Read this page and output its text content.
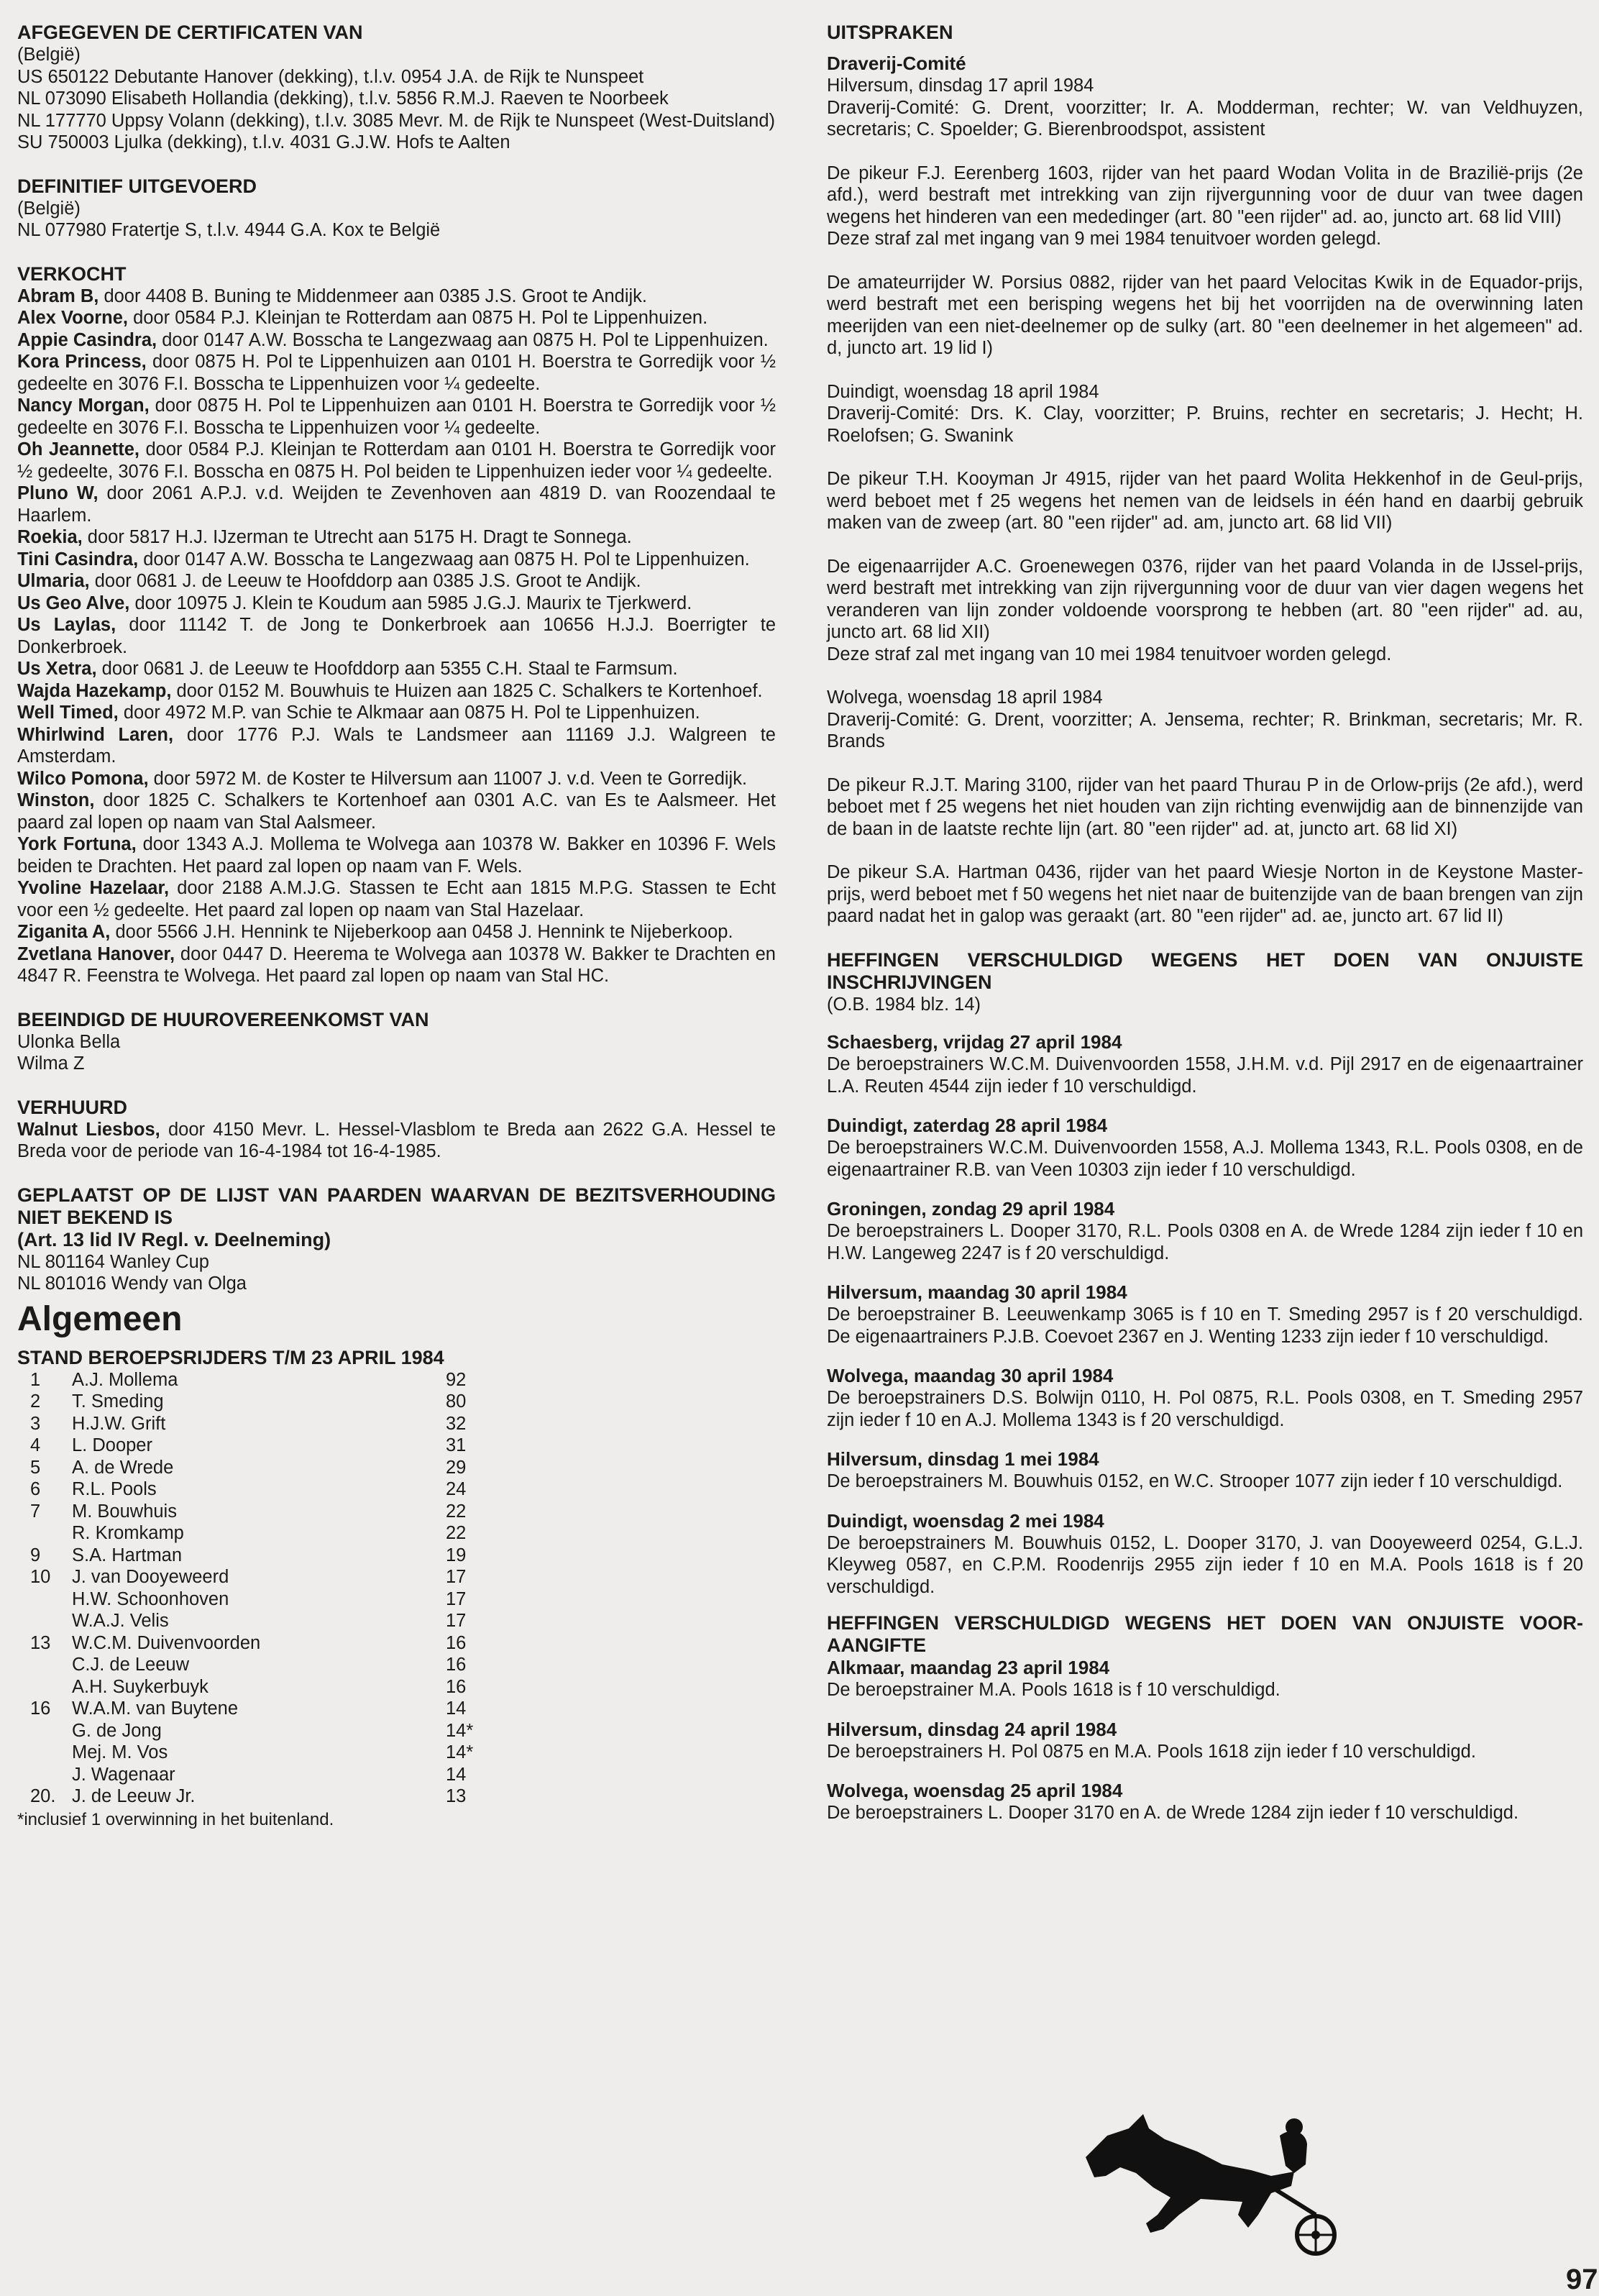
AFGEGEVEN DE CERTIFICATEN VAN
(België)
US 650122 Debutante Hanover (dekking), t.l.v. 0954 J.A. de Rijk te Nunspeet
NL 073090 Elisabeth Hollandia (dekking), t.l.v. 5856 R.M.J. Raeven te Noorbeek
NL 177770 Uppsy Volann (dekking), t.l.v. 3085 Mevr. M. de Rijk te Nunspeet (West-Duitsland)
SU 750003 Ljulka (dekking), t.l.v. 4031 G.J.W. Hofs te Aalten
DEFINITIEF UITGEVOERD
(België)
NL 077980 Fratertje S, t.l.v. 4944 G.A. Kox te België
VERKOCHT
Abram B, door 4408 B. Buning te Middenmeer aan 0385 J.S. Groot te Andijk.
Alex Voorne, door 0584 P.J. Kleinjan te Rotterdam aan 0875 H. Pol te Lippenhuizen.
Appie Casindra, door 0147 A.W. Bosscha te Langezwaag aan 0875 H. Pol te Lippenhuizen.
Kora Princess, door 0875 H. Pol te Lippenhuizen aan 0101 H. Boerstra te Gorredijk voor ½ gedeelte en 3076 F.I. Bosscha te Lippenhuizen voor ¼ gedeelte.
Nancy Morgan, door 0875 H. Pol te Lippenhuizen aan 0101 H. Boerstra te Gorredijk voor ½ gedeelte en 3076 F.I. Bosscha te Lippenhuizen voor ¼ gedeelte.
Oh Jeannette, door 0584 P.J. Kleinjan te Rotterdam aan 0101 H. Boerstra te Gorredijk voor ½ gedeelte, 3076 F.I. Bosscha en 0875 H. Pol beiden te Lippenhuizen ieder voor ¼ gedeelte.
Pluno W, door 2061 A.P.J. v.d. Weijden te Zevenhoven aan 4819 D. van Roozendaal te Haarlem.
Roekia, door 5817 H.J. IJzerman te Utrecht aan 5175 H. Dragt te Sonnega.
Tini Casindra, door 0147 A.W. Bosscha te Langezwaag aan 0875 H. Pol te Lippenhuizen.
Ulmaria, door 0681 J. de Leeuw te Hoofddorp aan 0385 J.S. Groot te Andijk.
Us Geo Alve, door 10975 J. Klein te Koudum aan 5985 J.G.J. Maurix te Tjerkwerd.
Us Laylas, door 11142 T. de Jong te Donkerbroek aan 10656 H.J.J. Boerrigter te Donkerbroek.
Us Xetra, door 0681 J. de Leeuw te Hoofddorp aan 5355 C.H. Staal te Farmsum.
Wajda Hazekamp, door 0152 M. Bouwhuis te Huizen aan 1825 C. Schalkers te Kortenhoef.
Well Timed, door 4972 M.P. van Schie te Alkmaar aan 0875 H. Pol te Lippenhuizen.
Whirlwind Laren, door 1776 P.J. Wals te Landsmeer aan 11169 J.J. Walgreen te Amsterdam.
Wilco Pomona, door 5972 M. de Koster te Hilversum aan 11007 J. v.d. Veen te Gorredijk.
Winston, door 1825 C. Schalkers te Kortenhoef aan 0301 A.C. van Es te Aalsmeer. Het paard zal lopen op naam van Stal Aalsmeer.
York Fortuna, door 1343 A.J. Mollema te Wolvega aan 10378 W. Bakker en 10396 F. Wels beiden te Drachten. Het paard zal lopen op naam van F. Wels.
Yvoline Hazelaar, door 2188 A.M.J.G. Stassen te Echt aan 1815 M.P.G. Stassen te Echt voor een ½ gedeelte. Het paard zal lopen op naam van Stal Hazelaar.
Ziganita A, door 5566 J.H. Hennink te Nijeberkoop aan 0458 J. Hennink te Nijeberkoop.
Zvetlana Hanover, door 0447 D. Heerema te Wolvega aan 10378 W. Bakker te Drachten en 4847 R. Feenstra te Wolvega. Het paard zal lopen op naam van Stal HC.
BEEINDIGD DE HUUROVEREENKOMST VAN
Ulonka Bella
Wilma Z
VERHUURD
Walnut Liesbos, door 4150 Mevr. L. Hessel-Vlasblom te Breda aan 2622 G.A. Hessel te Breda voor de periode van 16-4-1984 tot 16-4-1985.
GEPLAATST OP DE LIJST VAN PAARDEN WAARVAN DE BEZITSVERHOUDING NIET BEKEND IS
(Art. 13 lid IV Regl. v. Deelneming)
NL 801164 Wanley Cup
NL 801016 Wendy van Olga
Algemeen
STAND BEROEPSRIJDERS T/M 23 APRIL 1984
1	A.J. Mollema	92
2	T. Smeding	80
3	H.J.W. Grift	32
4	L. Dooper	31
5	A. de Wrede	29
6	R.L. Pools	24
7	M. Bouwhuis	22
	R. Kromkamp	22
9	S.A. Hartman	19
10	J. van Dooyeweerd	17
	H.W. Schoonhoven	17
	W.A.J. Velis	17
13	W.C.M. Duivenvoorden	16
	C.J. de Leeuw	16
	A.H. Suykerbuyk	16
16	W.A.M. van Buytene	14
	G. de Jong	14*
	Mej. M. Vos	14*
	J. Wagenaar	14
20.	J. de Leeuw Jr.	13
*inclusief 1 overwinning in het buitenland.
UITSPRAKEN
Draverij-Comité
Hilversum, dinsdag 17 april 1984
Draverij-Comité: G. Drent, voorzitter; Ir. A. Modderman, rechter; W. van Veldhuyzen, secretaris; C. Spoelder; G. Bierenbroodspot, assistent
De pikeur F.J. Eerenberg 1603, rijder van het paard Wodan Volita in de Brazilië-prijs (2e afd.), werd bestraft met intrekking van zijn rijvergunning voor de duur van twee dagen wegens het hinderen van een mededinger (art. 80 "een rijder" ad. ao, juncto art. 68 lid VIII)
Deze straf zal met ingang van 9 mei 1984 tenuitvoer worden gelegd.
De amateurrijder W. Porsius 0882, rijder van het paard Velocitas Kwik in de Equador-prijs, werd bestraft met een berisping wegens het bij het voorrijden na de overwinning laten meerijden van een niet-deelnemer op de sulky (art. 80 "een deelnemer in het algemeen" ad. d, juncto art. 19 lid I)
Duindigt, woensdag 18 april 1984
Draverij-Comité: Drs. K. Clay, voorzitter; P. Bruins, rechter en secretaris; J. Hecht; H. Roelofsen; G. Swanink
De pikeur T.H. Kooyman Jr 4915, rijder van het paard Wolita Hekkenhof in de Geul-prijs, werd beboet met f 25 wegens het nemen van de leidsels in één hand en daarbij gebruik maken van de zweep (art. 80 "een rijder" ad. am, juncto art. 68 lid VII)
De eigenaarrijder A.C. Groenewegen 0376, rijder van het paard Volanda in de IJssel-prijs, werd bestraft met intrekking van zijn rijvergunning voor de duur van vier dagen wegens het veranderen van lijn zonder voldoende voorsprong te hebben (art. 80 "een rijder" ad. au, juncto art. 68 lid XII)
Deze straf zal met ingang van 10 mei 1984 tenuitvoer worden gelegd.
Wolvega, woensdag 18 april 1984
Draverij-Comité: G. Drent, voorzitter; A. Jensema, rechter; R. Brinkman, secretaris; Mr. R. Brands
De pikeur R.J.T. Maring 3100, rijder van het paard Thurau P in de Orlow-prijs (2e afd.), werd beboet met f 25 wegens het niet houden van zijn richting evenwijdig aan de binnenzijde van de baan in de laatste rechte lijn (art. 80 "een rijder" ad. at, juncto art. 68 lid XI)
De pikeur S.A. Hartman 0436, rijder van het paard Wiesje Norton in de Keystone Master-prijs, werd beboet met f 50 wegens het niet naar de buitenzijde van de baan brengen van zijn paard nadat het in galop was geraakt (art. 80 "een rijder" ad. ae, juncto art. 67 lid II)
HEFFINGEN VERSCHULDIGD WEGENS HET DOEN VAN ONJUISTE INSCHRIJVINGEN
(O.B. 1984 blz. 14)
Schaesberg, vrijdag 27 april 1984
De beroepstrainers W.C.M. Duivenvoorden 1558, J.H.M. v.d. Pijl 2917 en de eigenaartrainer L.A. Reuten 4544 zijn ieder f 10 verschuldigd.
Duindigt, zaterdag 28 april 1984
De beroepstrainers W.C.M. Duivenvoorden 1558, A.J. Mollema 1343, R.L. Pools 0308, en de eigenaartrainer R.B. van Veen 10303 zijn ieder f 10 verschuldigd.
Groningen, zondag 29 april 1984
De beroepstrainers L. Dooper 3170, R.L. Pools 0308 en A. de Wrede 1284 zijn ieder f 10 en H.W. Langeweg 2247 is f 20 verschuldigd.
Hilversum, maandag 30 april 1984
De beroepstrainer B. Leeuwenkamp 3065 is f 10 en T. Smeding 2957 is f 20 verschuldigd. De eigenaartrainers P.J.B. Coevoet 2367 en J. Wenting 1233 zijn ieder f 10 verschuldigd.
Wolvega, maandag 30 april 1984
De beroepstrainers D.S. Bolwijn 0110, H. Pol 0875, R.L. Pools 0308, en T. Smeding 2957 zijn ieder f 10 en A.J. Mollema 1343 is f 20 verschuldigd.
Hilversum, dinsdag 1 mei 1984
De beroepstrainers M. Bouwhuis 0152, en W.C. Strooper 1077 zijn ieder f 10 verschuldigd.
Duindigt, woensdag 2 mei 1984
De beroepstrainers M. Bouwhuis 0152, L. Dooper 3170, J. van Dooyeweerd 0254, G.L.J. Kleyweg 0587, en C.P.M. Roodenrijs 2955 zijn ieder f 10 en M.A. Pools 1618 is f 20 verschuldigd.
HEFFINGEN VERSCHULDIGD WEGENS HET DOEN VAN ONJUISTE VOOR-AANGIFTE
Alkmaar, maandag 23 april 1984
De beroepstrainer M.A. Pools 1618 is f 10 verschuldigd.
Hilversum, dinsdag 24 april 1984
De beroepstrainers H. Pol 0875 en M.A. Pools 1618 zijn ieder f 10 verschuldigd.
Wolvega, woensdag 25 april 1984
De beroepstrainers L. Dooper 3170 en A. de Wrede 1284 zijn ieder f 10 verschuldigd.
97
